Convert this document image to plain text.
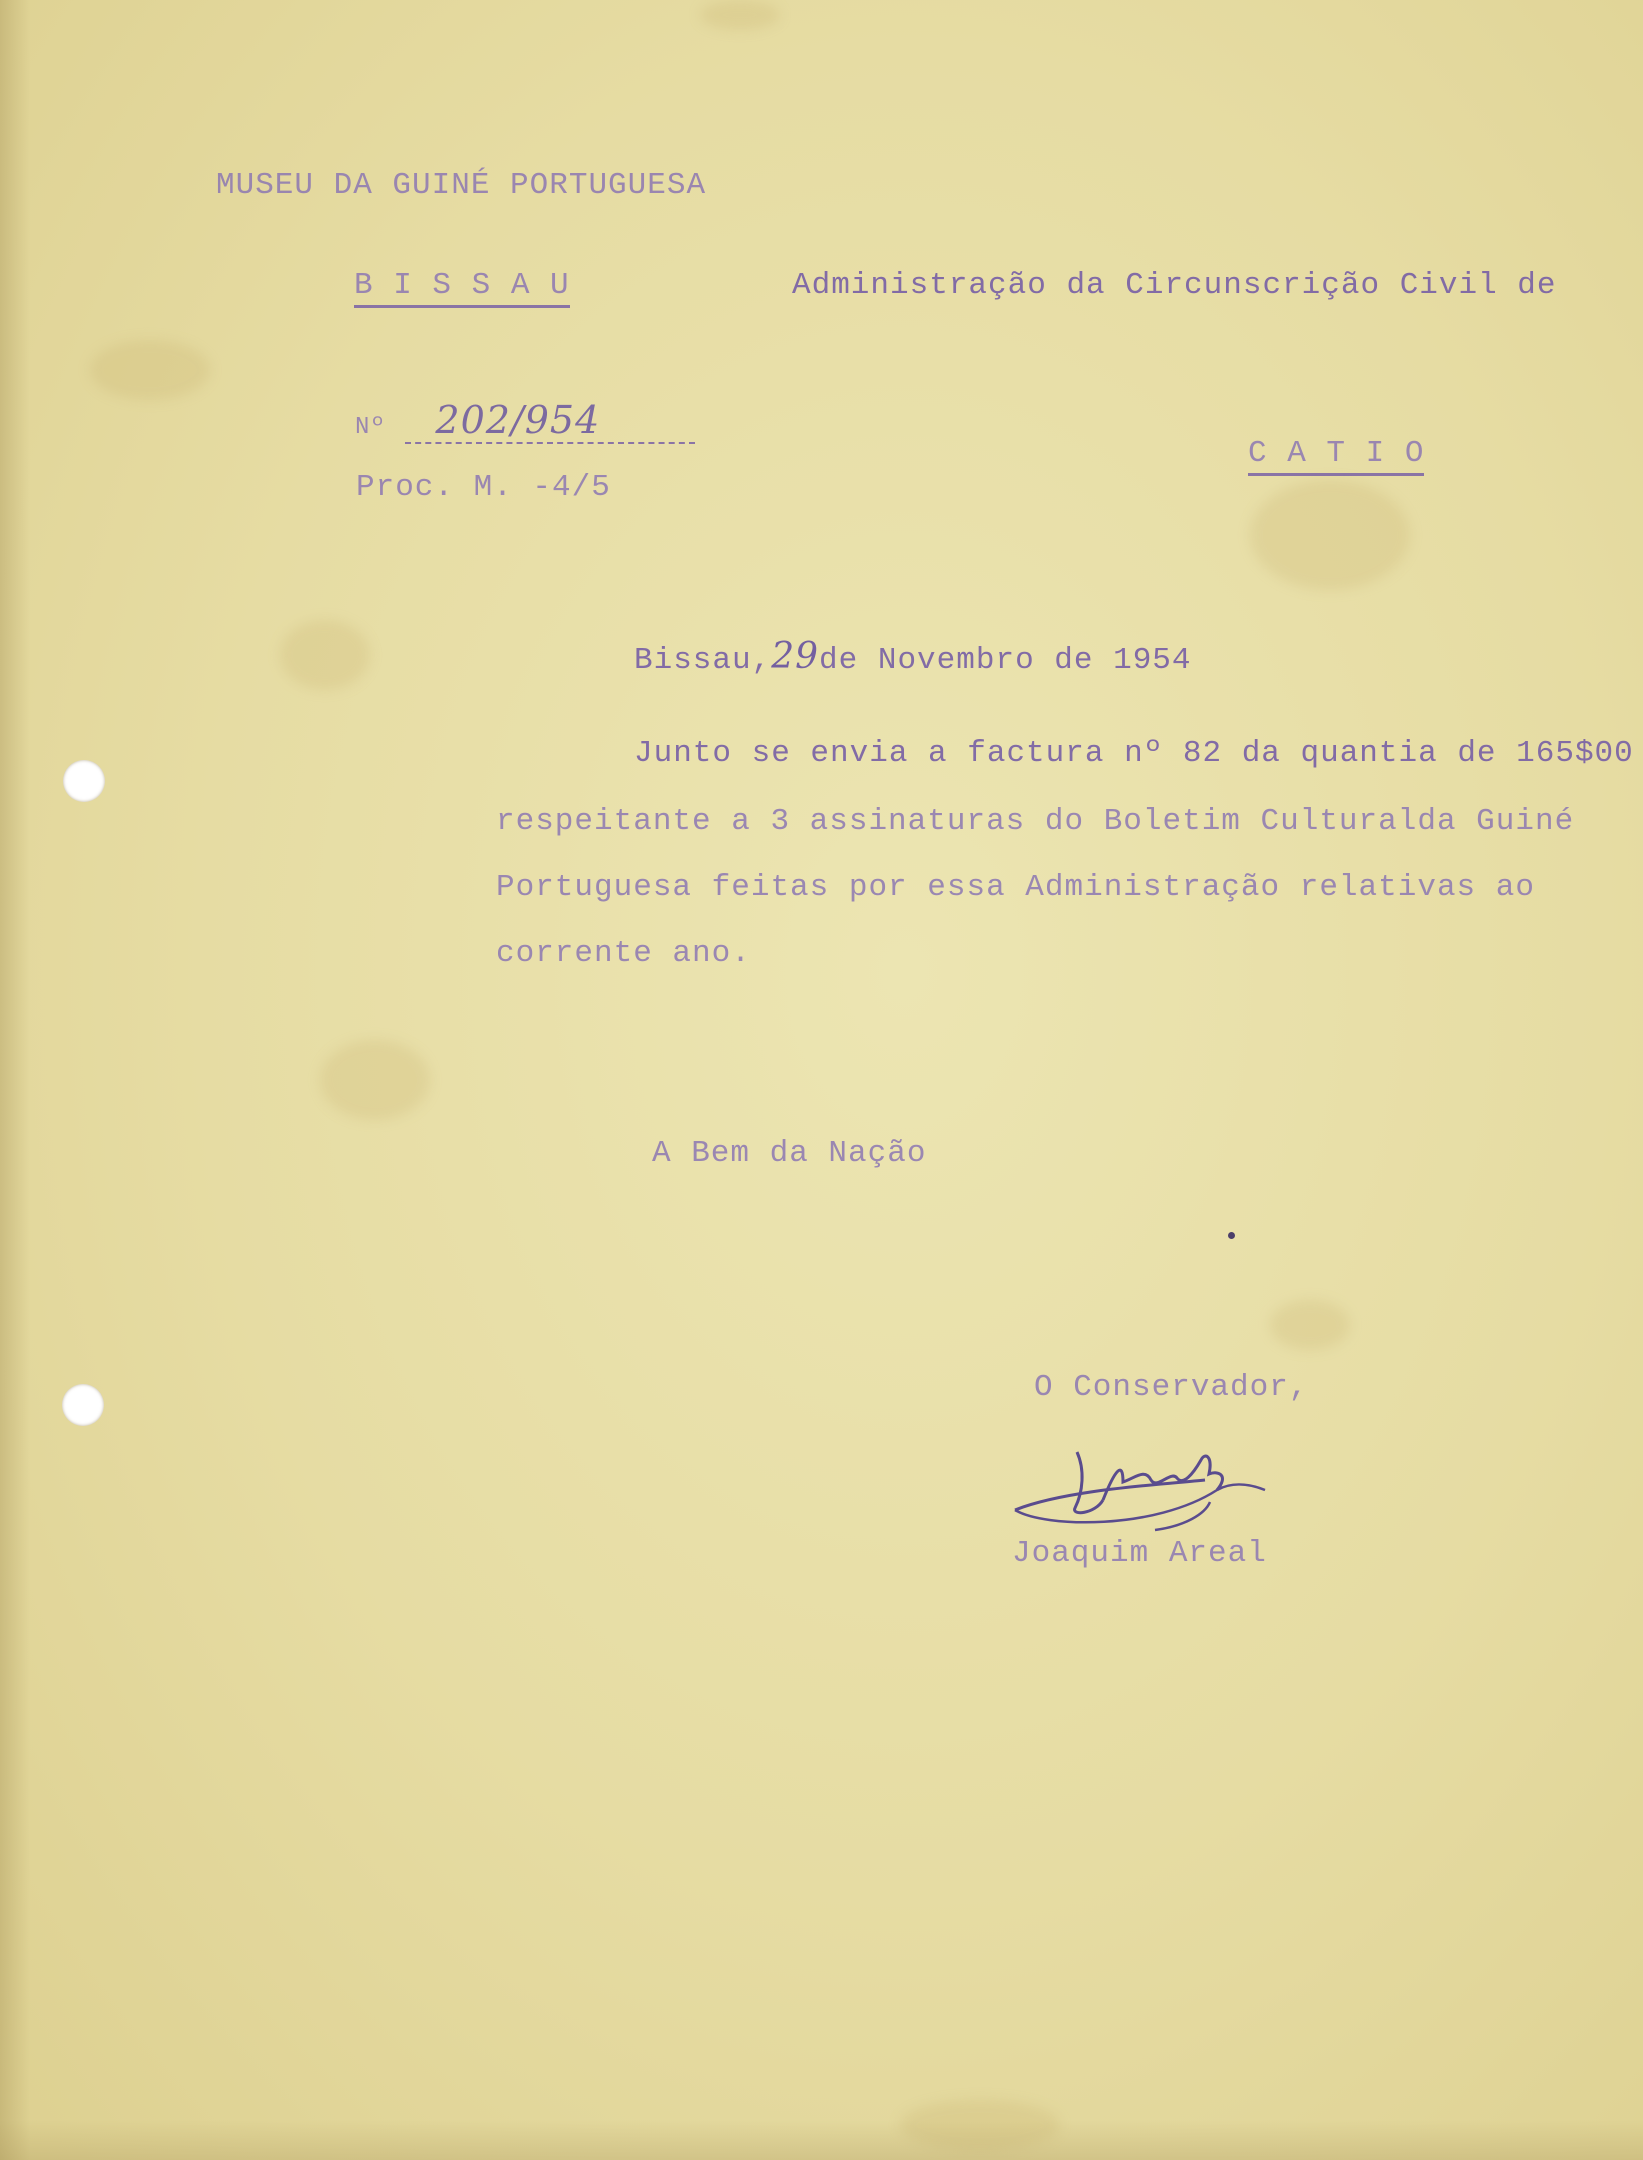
MUSEU DA GUINÉ PORTUGUESA
B I S S A U	Administração da Circunscrição Civil de
Nº 202/954
C A T I O
Proc. M. -4/5
Bissau,29de Novembro de 1954
Junto se envia a factura nº 82 da quantia de 165$00
respeitante a 3 assinaturas do Boletim Culturalda Guiné
Portuguesa feitas por essa Administração relativas ao
corrente ano.
A Bem da Nação
O Conservador,
Joaquim Areal
